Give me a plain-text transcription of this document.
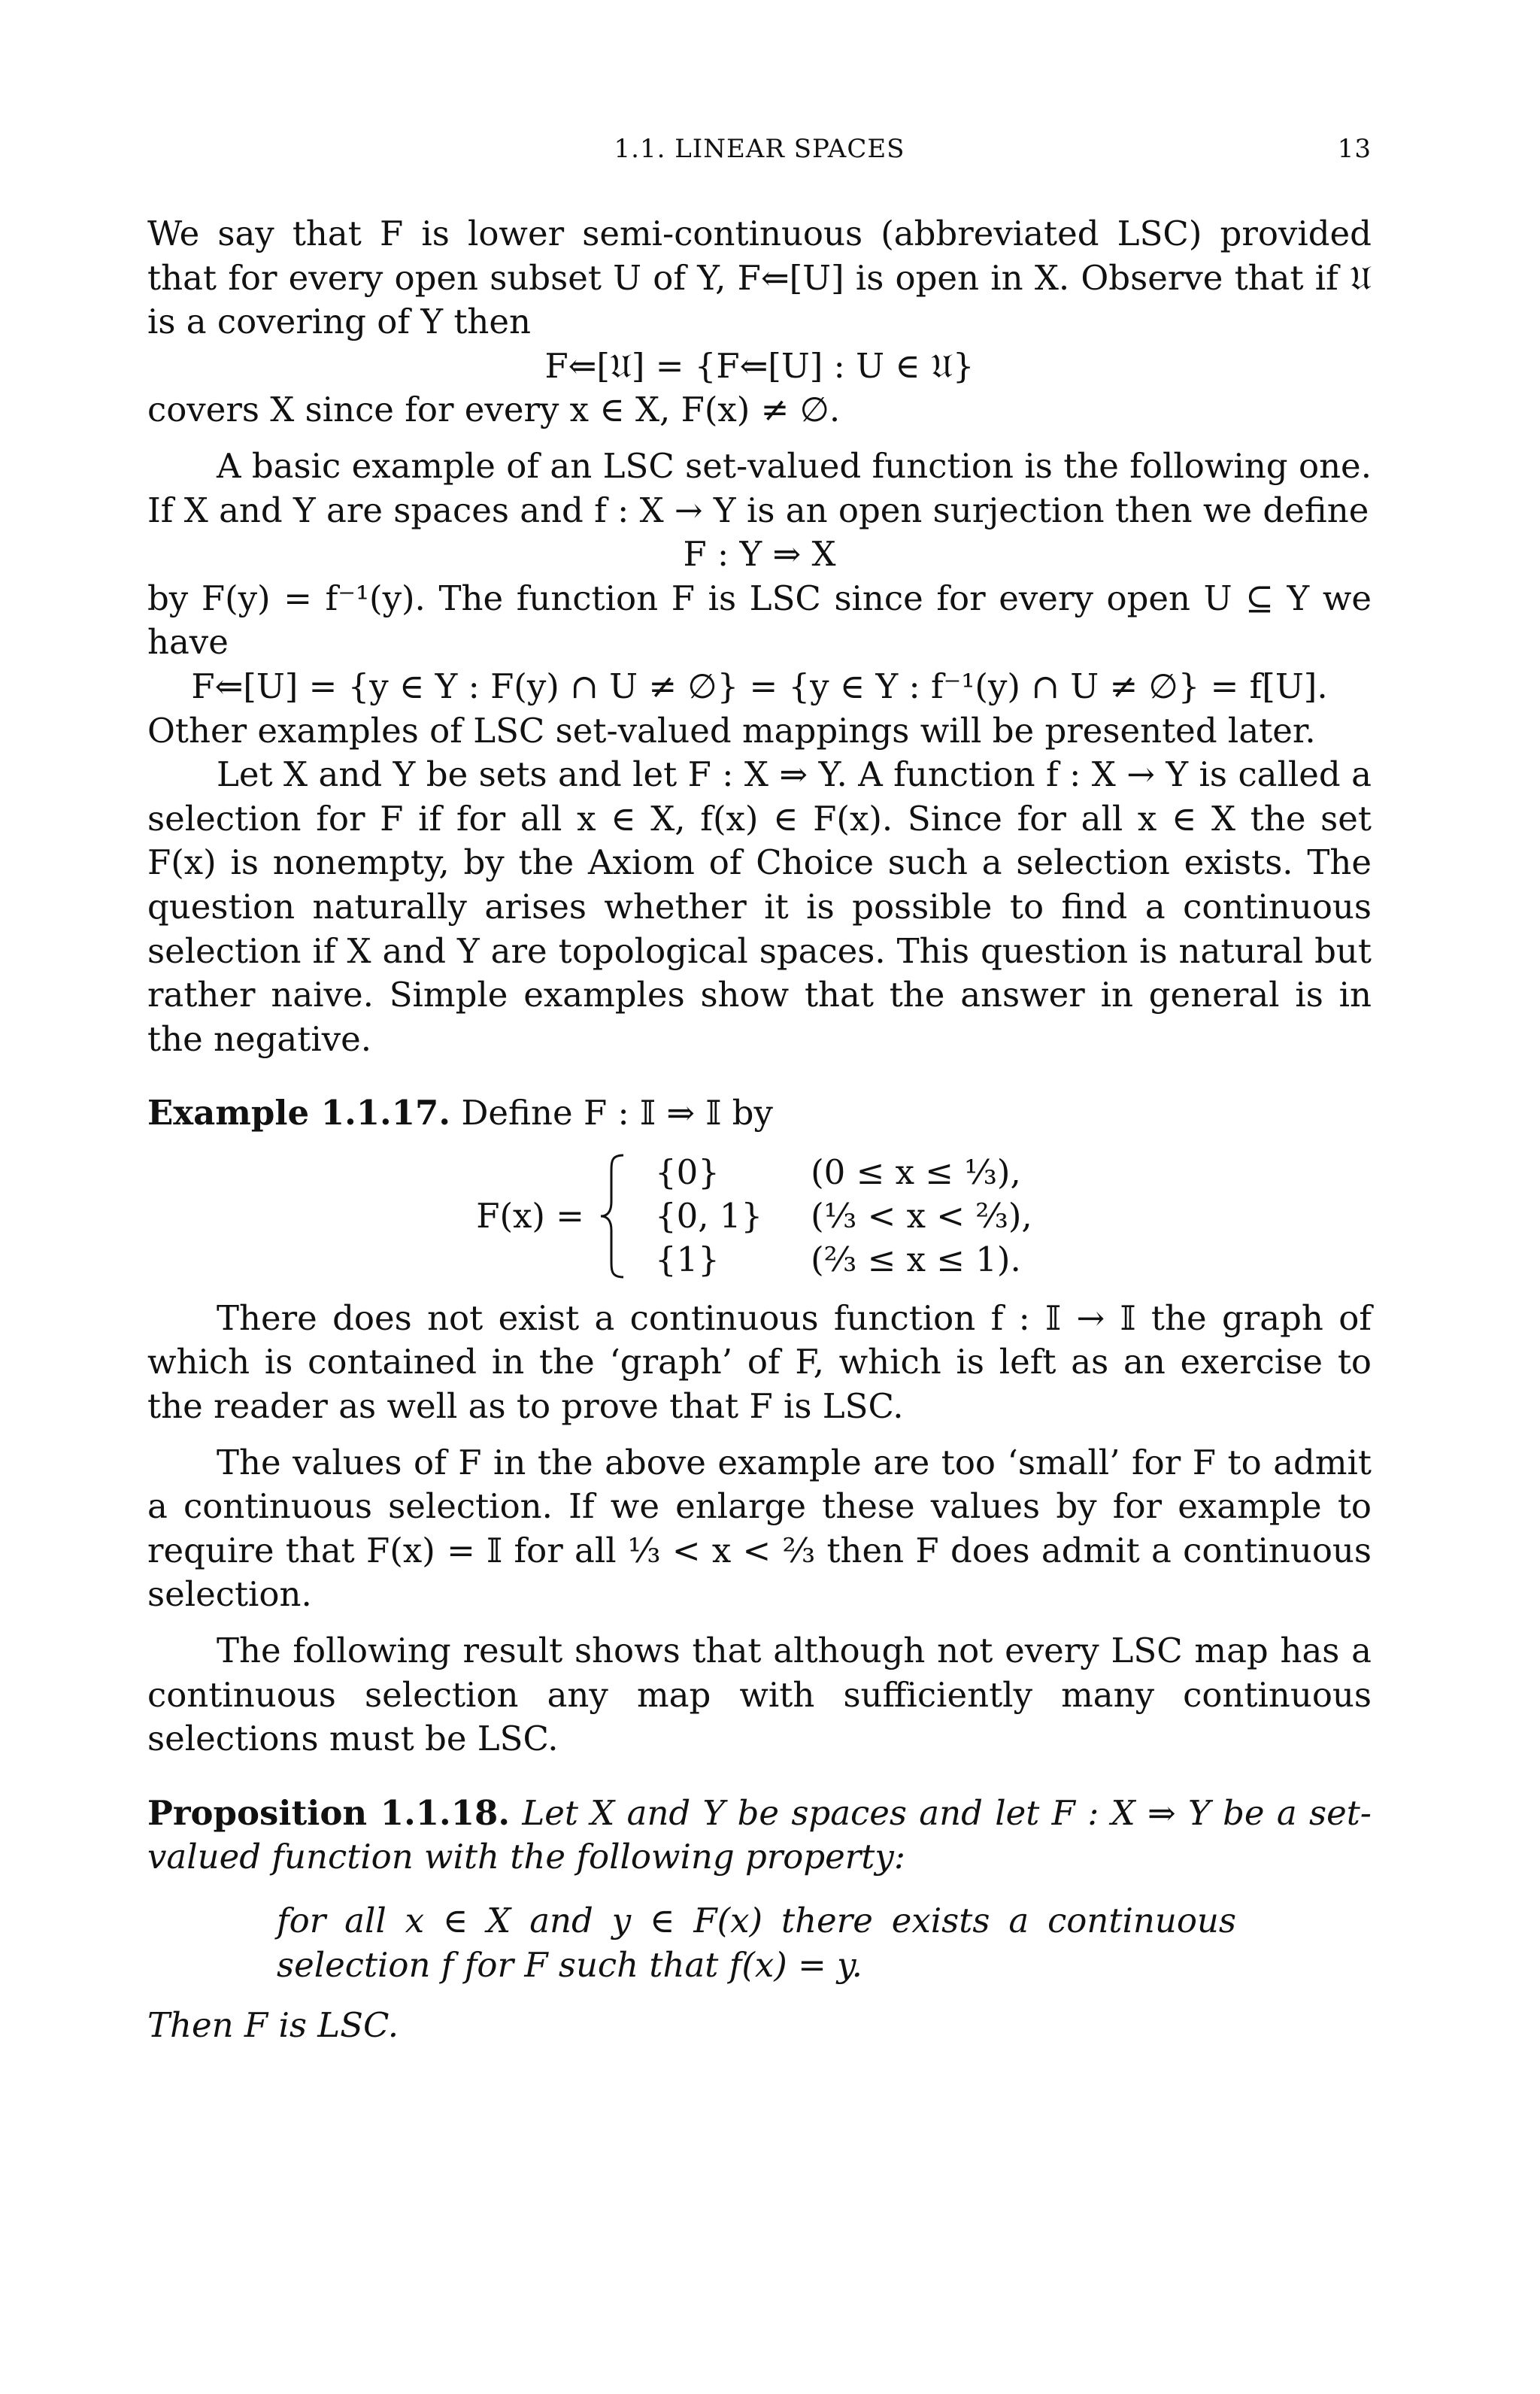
1.1. LINEAR SPACES	13

We say that F is lower semi-continuous (abbreviated LSC) provided that for every open subset U of Y, F⇐[U] is open in X. Observe that if 𝔘 is a covering of Y then

F⇐[𝔘] = {F⇐[U] : U ∈ 𝔘}

covers X since for every x ∈ X, F(x) ≠ ∅.

A basic example of an LSC set-valued function is the following one. If X and Y are spaces and f : X → Y is an open surjection then we define

F : Y ⇒ X

by F(y) = f⁻¹(y). The function F is LSC since for every open U ⊆ Y we have

F⇐[U] = {y ∈ Y : F(y) ∩ U ≠ ∅} = {y ∈ Y : f⁻¹(y) ∩ U ≠ ∅} = f[U].

Other examples of LSC set-valued mappings will be presented later.

Let X and Y be sets and let F : X ⇒ Y. A function f : X → Y is called a selection for F if for all x ∈ X, f(x) ∈ F(x). Since for all x ∈ X the set F(x) is nonempty, by the Axiom of Choice such a selection exists. The question naturally arises whether it is possible to find a continuous selection if X and Y are topological spaces. This question is natural but rather naive. Simple examples show that the answer in general is in the negative.

Example 1.1.17. Define F : 𝕀 ⇒ 𝕀 by

F(x) =
{0}	(0 ≤ x ≤ ¹⁄₃),
{0, 1}	(¹⁄₃ < x < ²⁄₃),
{1}	(²⁄₃ ≤ x ≤ 1).

There does not exist a continuous function f : 𝕀 → 𝕀 the graph of which is contained in the ‘graph’ of F, which is left as an exercise to the reader as well as to prove that F is LSC.

The values of F in the above example are too ‘small’ for F to admit a continuous selection. If we enlarge these values by for example to require that F(x) = 𝕀 for all ¹⁄₃ < x < ²⁄₃ then F does admit a continuous selection.

The following result shows that although not every LSC map has a continuous selection any map with sufficiently many continuous selections must be LSC.

Proposition 1.1.18. Let X and Y be spaces and let F : X ⇒ Y be a set-valued function with the following property:

for all x ∈ X and y ∈ F(x) there exists a continuous selection f for F such that f(x) = y.

Then F is LSC.
